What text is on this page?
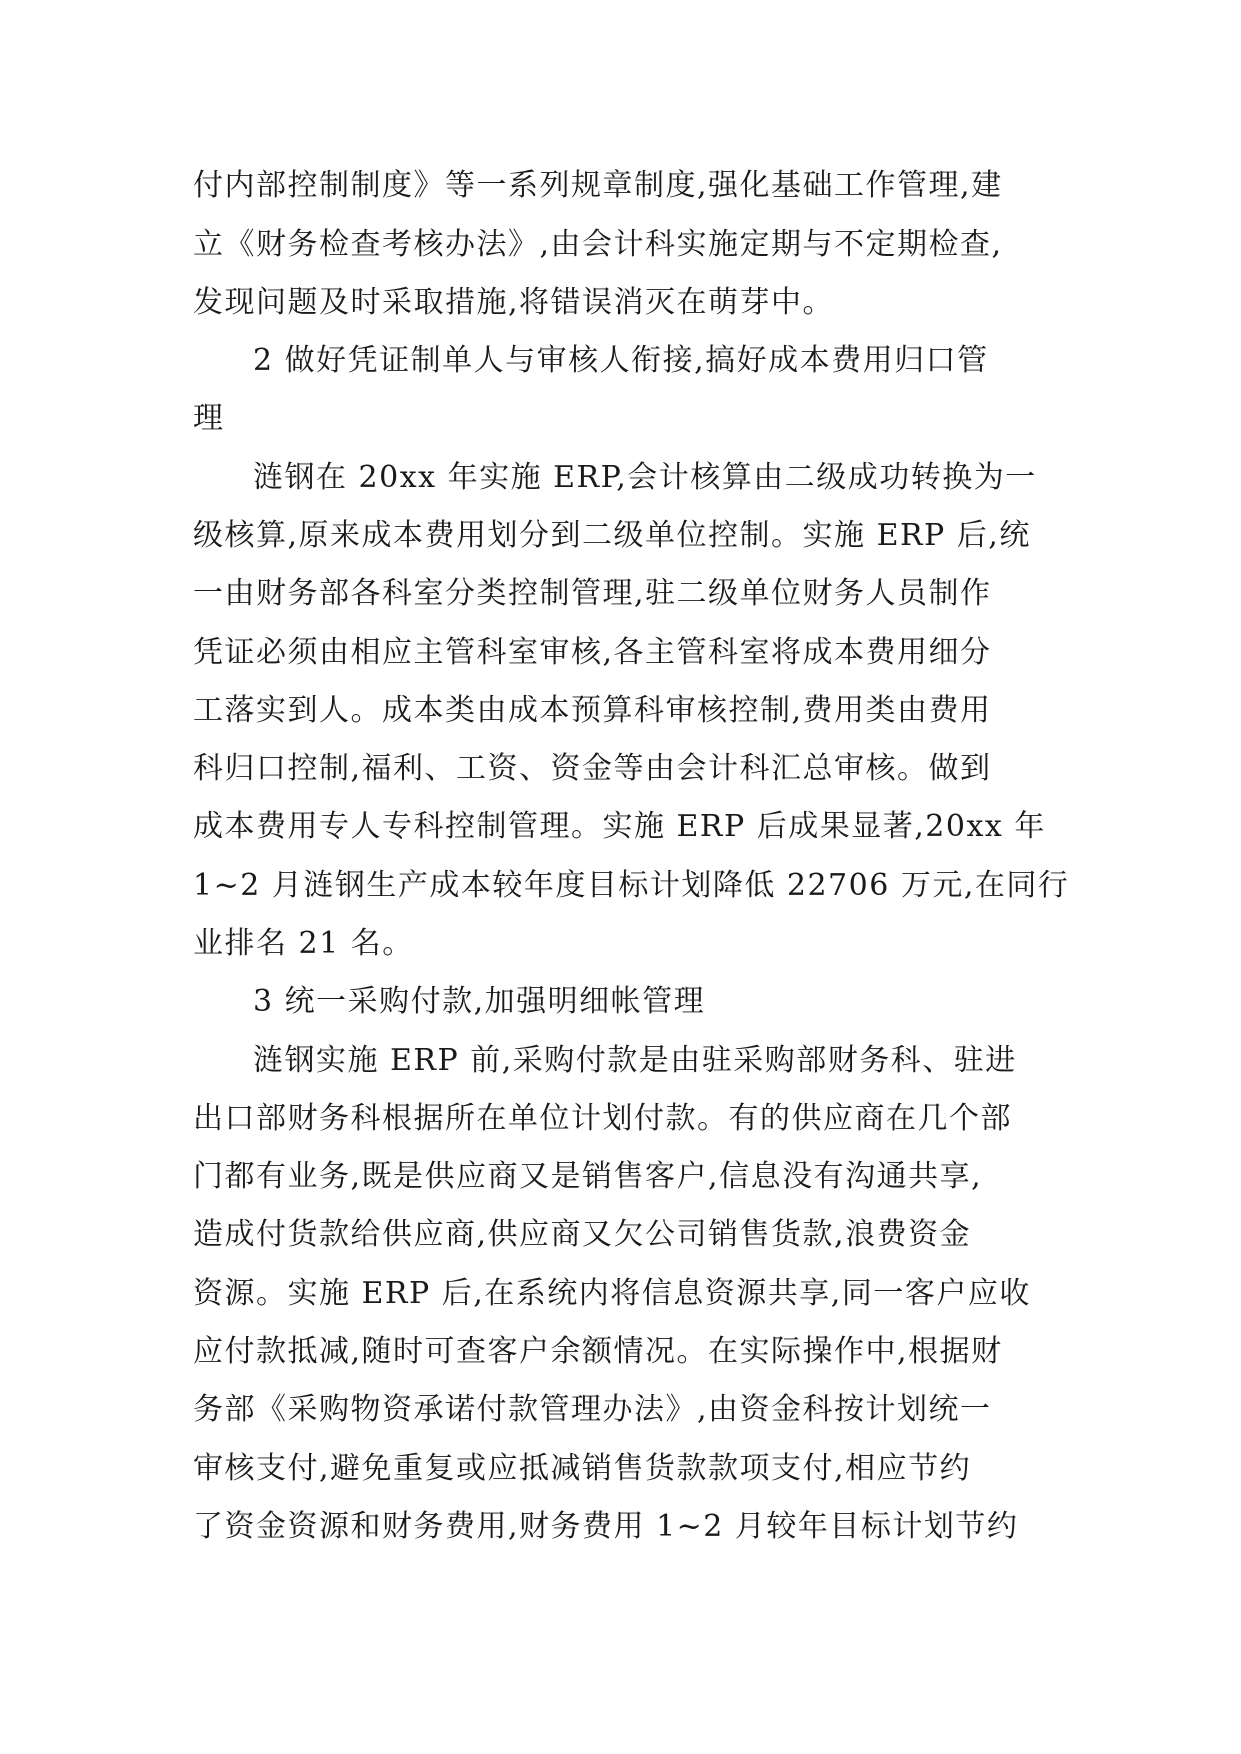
付内部控制制度》等一系列规章制度,强化基础工作管理,建
立《财务检查考核办法》,由会计科实施定期与不定期检查,
发现问题及时采取措施,将错误消灭在萌芽中。
2 做好凭证制单人与审核人衔接,搞好成本费用归口管
理
涟钢在 20xx 年实施 ERP,会计核算由二级成功转换为一
级核算,原来成本费用划分到二级单位控制。实施 ERP 后,统
一由财务部各科室分类控制管理,驻二级单位财务人员制作
凭证必须由相应主管科室审核,各主管科室将成本费用细分
工落实到人。成本类由成本预算科审核控制,费用类由费用
科归口控制,福利、工资、资金等由会计科汇总审核。做到
成本费用专人专科控制管理。实施 ERP 后成果显著,20xx 年
1~2 月涟钢生产成本较年度目标计划降低 22706 万元,在同行
业排名 21 名。
3 统一采购付款,加强明细帐管理
涟钢实施 ERP 前,采购付款是由驻采购部财务科、驻进
出口部财务科根据所在单位计划付款。有的供应商在几个部
门都有业务,既是供应商又是销售客户,信息没有沟通共享,
造成付货款给供应商,供应商又欠公司销售货款,浪费资金
资源。实施 ERP 后,在系统内将信息资源共享,同一客户应收
应付款抵减,随时可查客户余额情况。在实际操作中,根据财
务部《采购物资承诺付款管理办法》,由资金科按计划统一
审核支付,避免重复或应抵减销售货款款项支付,相应节约
了资金资源和财务费用,财务费用 1~2 月较年目标计划节约
